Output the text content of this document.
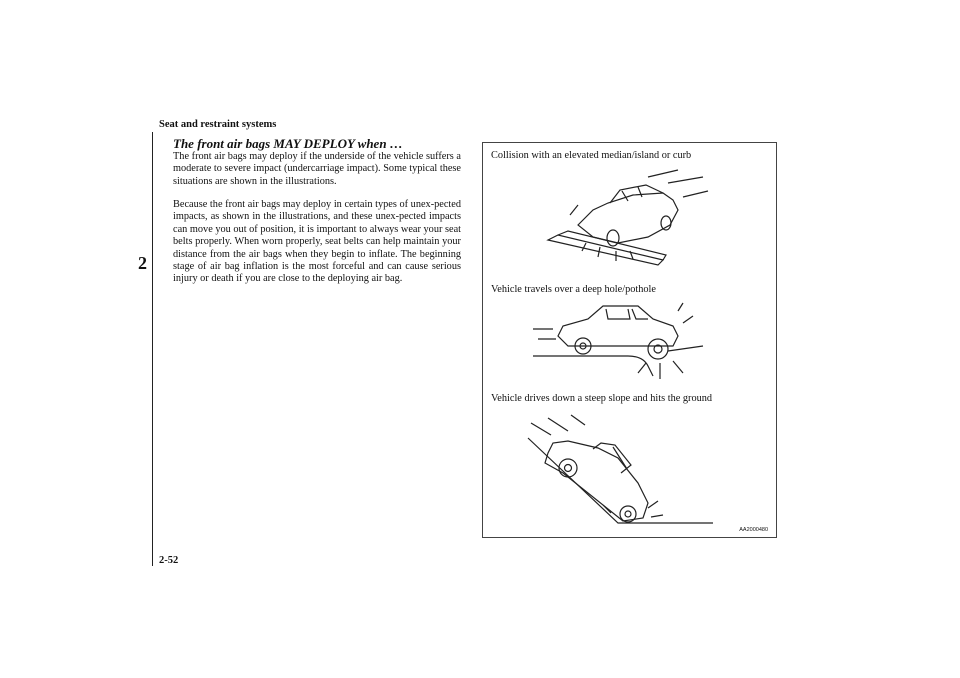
Seat and restraint systems
2
The front air bags MAY DEPLOY when …
The front air bags may deploy if the underside of the vehicle suffers a moderate to severe impact (undercarriage impact). Some typical these situations are shown in the illustrations.
Because the front air bags may deploy in certain types of unex-pected impacts, as shown in the illustrations, and these unex-pected impacts can move you out of position, it is important to always wear your seat belts properly. When worn properly, seat belts can help maintain your distance from the air bags when they begin to inflate. The beginning stage of air bag inflation is the most forceful and can cause serious injury or death if you are close to the deploying air bag.
Collision with an elevated median/island or curb
Vehicle travels over a deep hole/pothole
Vehicle drives down a steep slope and hits the ground
AA2000480
2-52
